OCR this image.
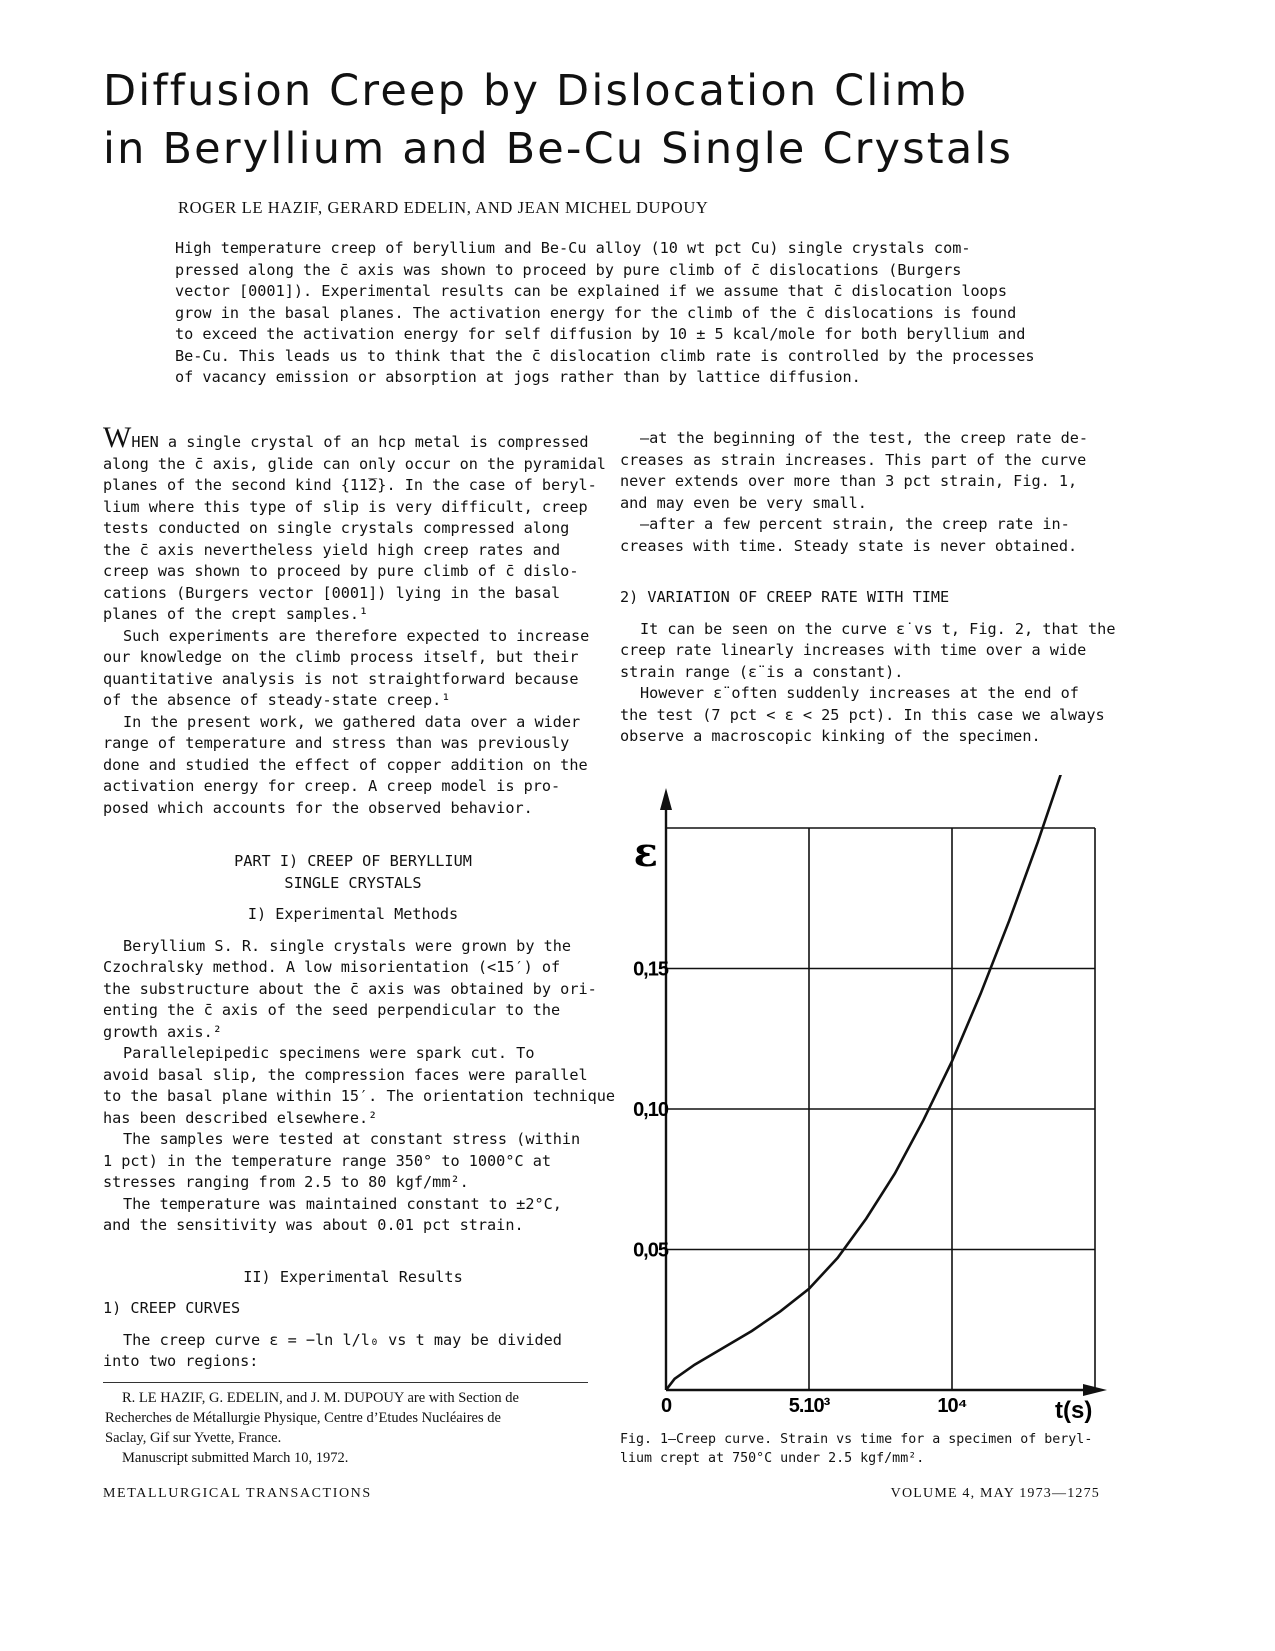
Diffusion Creep by Dislocation Climb
in Beryllium and Be-Cu Single Crystals
ROGER LE HAZIF, GERARD EDELIN, AND JEAN MICHEL DUPOUY
High temperature creep of beryllium and Be-Cu alloy (10 wt pct Cu) single crystals com-
pressed along the c̄ axis was shown to proceed by pure climb of c̄ dislocations (Burgers
vector [0001]). Experimental results can be explained if we assume that c̄ dislocation loops
grow in the basal planes. The activation energy for the climb of the c̄ dislocations is found
to exceed the activation energy for self diffusion by 10 ± 5 kcal/mole for both beryllium and
Be-Cu. This leads us to think that the c̄ dislocation climb rate is controlled by the processes
of vacancy emission or absorption at jogs rather than by lattice diffusion.
WHEN a single crystal of an hcp metal is compressed
along the c̄ axis, glide can only occur on the pyramidal
planes of the second kind {11̅2}. In the case of beryl-
lium where this type of slip is very difficult, creep
tests conducted on single crystals compressed along
the c̄ axis nevertheless yield high creep rates and
creep was shown to proceed by pure climb of c̄ dislo-
cations (Burgers vector [0001]) lying in the basal
planes of the crept samples.¹
Such experiments are therefore expected to increase
our knowledge on the climb process itself, but their
quantitative analysis is not straightforward because
of the absence of steady-state creep.¹
In the present work, we gathered data over a wider
range of temperature and stress than was previously
done and studied the effect of copper addition on the
activation energy for creep. A creep model is pro-
posed which accounts for the observed behavior.
PART I) CREEP OF BERYLLIUM
SINGLE CRYSTALS
I) Experimental Methods
Beryllium S. R. single crystals were grown by the
Czochralsky method. A low misorientation (<15′) of
the substructure about the c̄ axis was obtained by ori-
enting the c̄ axis of the seed perpendicular to the
growth axis.²
Parallelepipedic specimens were spark cut. To
avoid basal slip, the compression faces were parallel
to the basal plane within 15′. The orientation technique
has been described elsewhere.²
The samples were tested at constant stress (within
1 pct) in the temperature range 350° to 1000°C at
stresses ranging from 2.5 to 80 kgf/mm².
The temperature was maintained constant to ±2°C,
and the sensitivity was about 0.01 pct strain.
II) Experimental Results
1) CREEP CURVES
The creep curve ε = −ln l/l₀ vs t may be divided
into two regions:
—at the beginning of the test, the creep rate de-
creases as strain increases. This part of the curve
never extends over more than 3 pct strain, Fig. 1,
and may even be very small.
—after a few percent strain, the creep rate in-
creases with time. Steady state is never obtained.
2) VARIATION OF CREEP RATE WITH TIME
It can be seen on the curve ε̇ vs t, Fig. 2, that the
creep rate linearly increases with time over a wide
strain range (ε̈ is a constant).
However ε̈ often suddenly increases at the end of
the test (7 pct < ε < 25 pct). In this case we always
observe a macroscopic kinking of the specimen.
0,05
0,10
0,15
0	5.10³	10⁴
ε
t(s)
Fig. 1—Creep curve. Strain vs time for a specimen of beryl-
lium crept at 750°C under 2.5 kgf/mm².
R. LE HAZIF, G. EDELIN, and J. M. DUPOUY are with Section de
Recherches de Métallurgie Physique, Centre d’Etudes Nucléaires de
Saclay, Gif sur Yvette, France.
Manuscript submitted March 10, 1972.
METALLURGICAL TRANSACTIONS	VOLUME 4, MAY 1973—1275
